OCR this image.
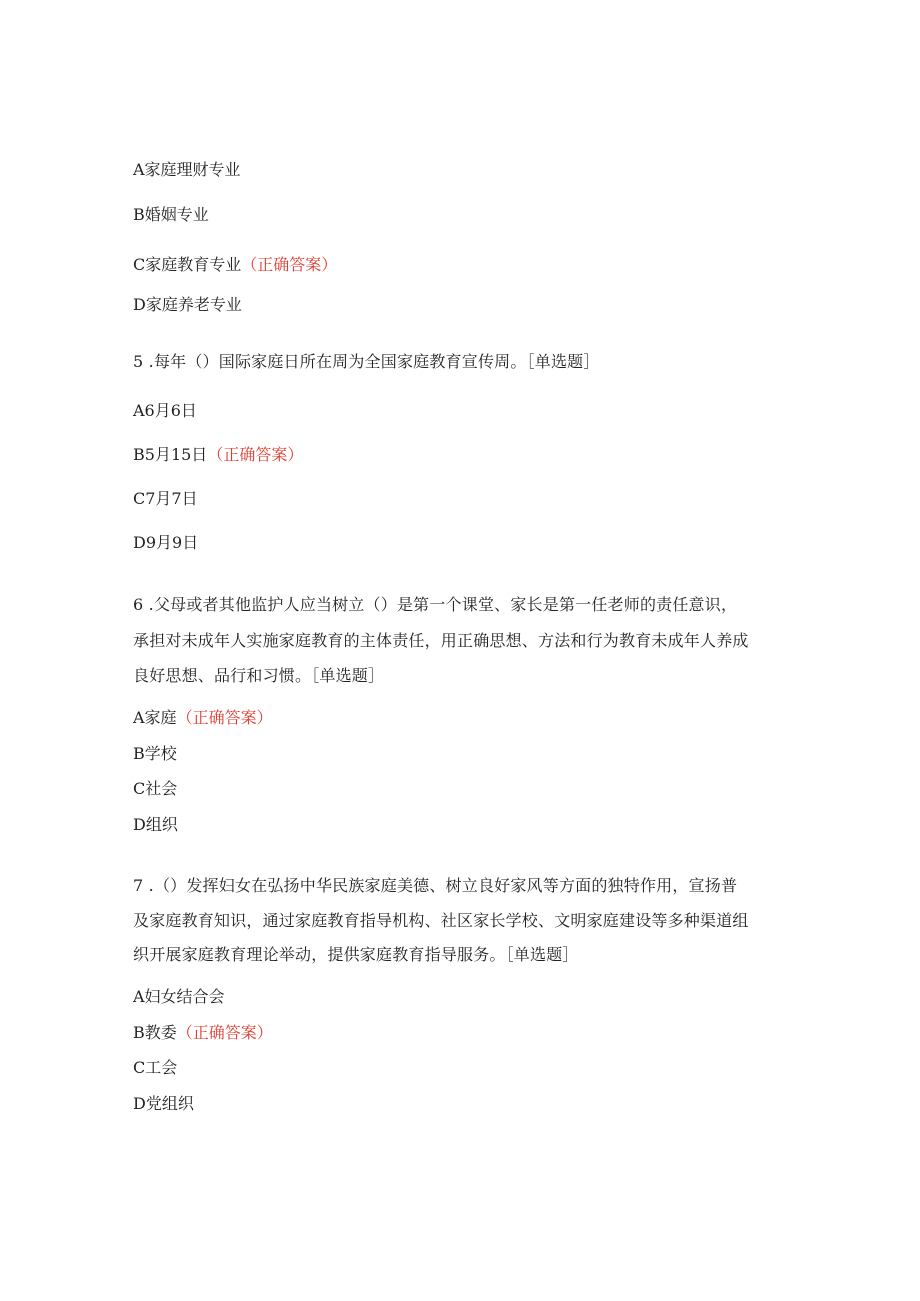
A家庭理财专业
B婚姻专业
C家庭教育专业（正确答案）
D家庭养老专业
5 .每年（）国际家庭日所在周为全国家庭教育宣传周。［单选题］
A6月6日
B5月15日（正确答案）
C7月7日
D9月9日
6 .父母或者其他监护人应当树立（）是第一个课堂、家长是第一任老师的责任意识，
承担对未成年人实施家庭教育的主体责任，用正确思想、方法和行为教育未成年人养成
良好思想、品行和习惯。［单选题］
A家庭（正确答案）
B学校
C社会
D组织
7 .（）发挥妇女在弘扬中华民族家庭美德、树立良好家风等方面的独特作用，宣扬普
及家庭教育知识，通过家庭教育指导机构、社区家长学校、文明家庭建设等多种渠道组
织开展家庭教育理论举动，提供家庭教育指导服务。［单选题］
A妇女结合会
B教委（正确答案）
C工会
D党组织
